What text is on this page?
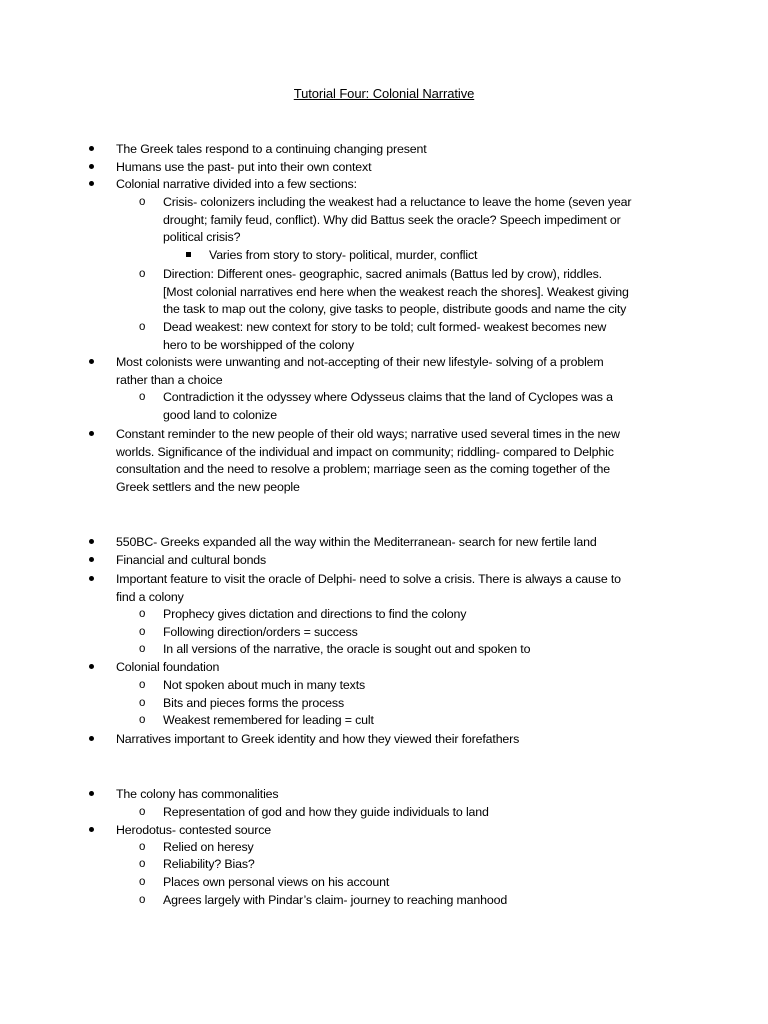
Tutorial Four: Colonial Narrative
The Greek tales respond to a continuing changing present
Humans use the past- put into their own context
Colonial narrative divided into a few sections:
o Crisis- colonizers including the weakest had a reluctance to leave the home (seven year
drought; family feud, conflict). Why did Battus seek the oracle? Speech impediment or
political crisis?
Varies from story to story- political, murder, conflict
o Direction: Different ones- geographic, sacred animals (Battus led by crow), riddles.
[Most colonial narratives end here when the weakest reach the shores]. Weakest giving
the task to map out the colony, give tasks to people, distribute goods and name the city
o Dead weakest: new context for story to be told; cult formed- weakest becomes new
hero to be worshipped of the colony
Most colonists were unwanting and not-accepting of their new lifestyle- solving of a problem
rather than a choice
o Contradiction it the odyssey where Odysseus claims that the land of Cyclopes was a
good land to colonize
Constant reminder to the new people of their old ways; narrative used several times in the new
worlds. Significance of the individual and impact on community; riddling- compared to Delphic
consultation and the need to resolve a problem; marriage seen as the coming together of the
Greek settlers and the new people
550BC- Greeks expanded all the way within the Mediterranean- search for new fertile land
Financial and cultural bonds
Important feature to visit the oracle of Delphi- need to solve a crisis. There is always a cause to
find a colony
o Prophecy gives dictation and directions to find the colony
o Following direction/orders = success
o In all versions of the narrative, the oracle is sought out and spoken to
Colonial foundation
o Not spoken about much in many texts
o Bits and pieces forms the process
o Weakest remembered for leading = cult
Narratives important to Greek identity and how they viewed their forefathers
The colony has commonalities
o Representation of god and how they guide individuals to land
Herodotus- contested source
o Relied on heresy
o Reliability? Bias?
o Places own personal views on his account
o Agrees largely with Pindar’s claim- journey to reaching manhood
